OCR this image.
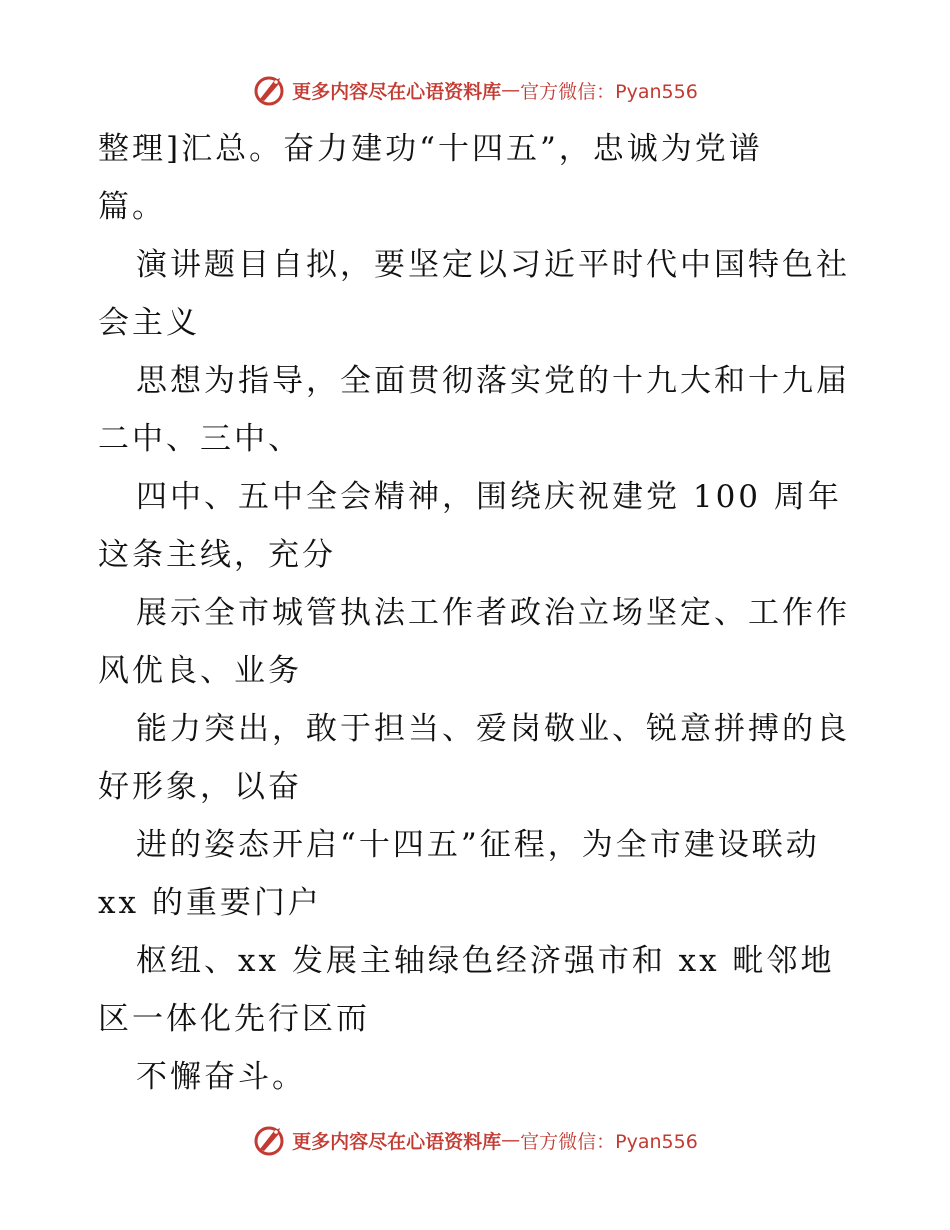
更多内容尽在心语资料库 — 官方微信：Pyan556
整理]汇总。奋力建功“十四五”，忠诚为党谱
篇。
演讲题目自拟，要坚定以习近平时代中国特色社
会主义
思想为指导，全面贯彻落实党的十九大和十九届
二中、三中、
四中、五中全会精神，围绕庆祝建党 100 周年
这条主线，充分
展示全市城管执法工作者政治立场坚定、工作作
风优良、业务
能力突出，敢于担当、爱岗敬业、锐意拼搏的良
好形象，以奋
进的姿态开启“十四五”征程，为全市建设联动
xx 的重要门户
枢纽、xx 发展主轴绿色经济强市和 xx 毗邻地
区一体化先行区而
不懈奋斗。
更多内容尽在心语资料库 — 官方微信：Pyan556
